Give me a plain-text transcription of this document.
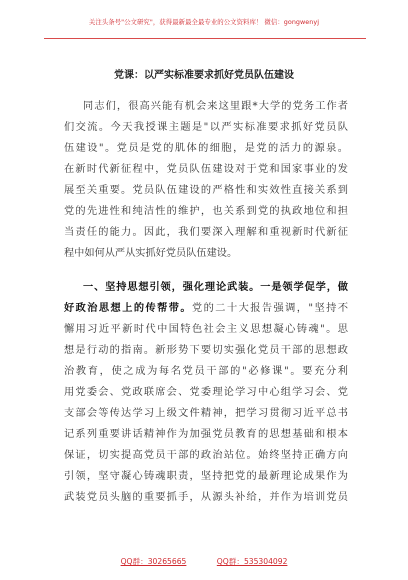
关注头条号"公文研究"，获得最新最全最专业的公文资料库！ 微信：gongwenyj
党课：以严实标准要求抓好党员队伍建设
同志们，很高兴能有机会来这里跟*大学的党务工作者
们交流。今天我授课主题是"以严实标准要求抓好党员队
伍建设"。党员是党的肌体的细胞，是党的活力的源泉。
在新时代新征程中，党员队伍建设对于党和国家事业的发
展至关重要。党员队伍建设的严格性和实效性直接关系到
党的先进性和纯洁性的维护，也关系到党的执政地位和担
当责任的能力。因此，我们要深入理解和重视新时代新征
程中如何从严从实抓好党员队伍建设。
一、坚持思想引领，强化理论武装。一是领学促学，做
好政治思想上的传帮带。党的二十大报告强调，"坚持不
懈用习近平新时代中国特色社会主义思想凝心铸魂"。思
想是行动的指南。新形势下要切实强化党员干部的思想政
治教育，使之成为每名党员干部的"必修课"。要充分利
用党委会、党政联席会、党委理论学习中心组学习会、党
支部会等传达学习上级文件精神，把学习贯彻习近平总书
记系列重要讲话精神作为加强党员教育的思想基础和根本
保证，切实提高党员干部的政治站位。始终坚持正确方向
引领，坚守凝心铸魂职责，坚持把党的最新理论成果作为
武装党员头脑的重要抓手，从源头补给，并作为培训党员
QQ群：30265665	QQ群：535304092
